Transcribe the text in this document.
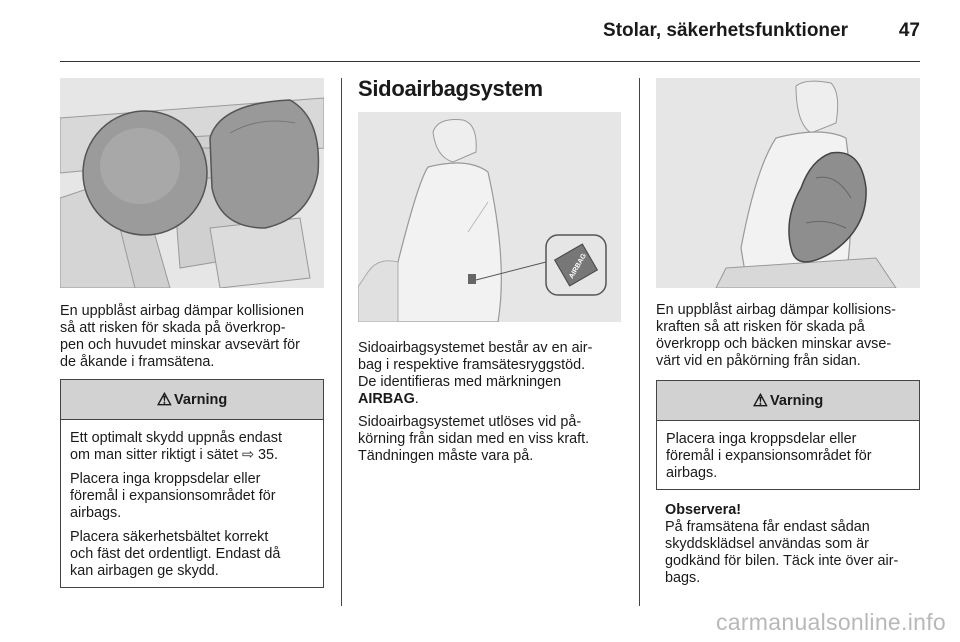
Stolar, säkerhetsfunktioner	47
En uppblåst airbag dämpar kollisionen
så att risken för skada på överkrop-
pen och huvudet minskar avsevärt för
de åkande i framsätena.
⚠ Varning

Ett optimalt skydd uppnås endast
om man sitter riktigt i sätet ⇨ 35.

Placera inga kroppsdelar eller
föremål i expansionsområdet för
airbags.

Placera säkerhetsbältet korrekt
och fäst det ordentligt. Endast då
kan airbagen ge skydd.

Sidoairbagsystem
AIRBAG

Sidoairbagsystemet består av en air-
bag i respektive framsätesryggstöd.
De identifieras med märkningen
AIRBAG.

Sidoairbagsystemet utlöses vid på-
körning från sidan med en viss kraft.
Tändningen måste vara på.

En uppblåst airbag dämpar kollisions-
kraften så att risken för skada på
överkropp och bäcken minskar avse-
värt vid en påkörning från sidan.
⚠ Varning

Placera inga kroppsdelar eller
föremål i expansionsområdet för
airbags.

Observera!
På framsätena får endast sådan
skyddsklädsel användas som är
godkänd för bilen. Täck inte över air-
bags.
carmanualsonline.info
